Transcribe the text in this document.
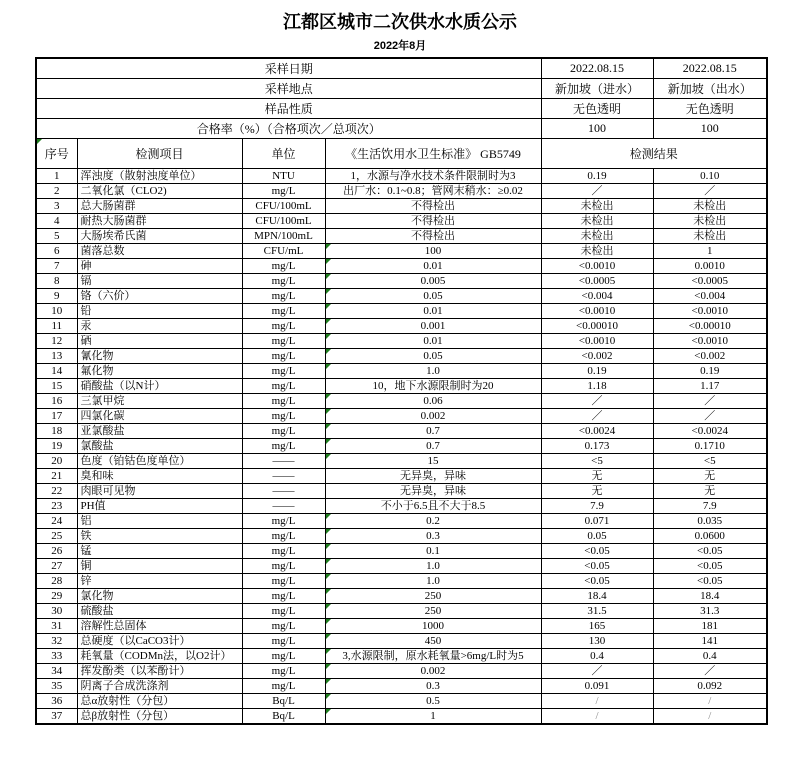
江都区城市二次供水水质公示
2022年8月
采样日期				2022.08.15	2022.08.15
采样地点				新加坡（进水）	新加坡（出水）
样品性质				无色透明	无色透明
合格率（%）（合格项次／总项次）				100	100

序号	检测项目	单位	《生活饮用水卫生标准》 GB5749	检测结果	
1	浑浊度（散射浊度单位）	NTU	1，水源与净水技术条件限制时为3	0.19	0.10
2	二氧化氯（CLO2)	mg/L	出厂水：0.1~0.8；管网末稍水：≥0.02	／	／
3	总大肠菌群	CFU/100mL	不得检出	未检出	未检出
4	耐热大肠菌群	CFU/100mL	不得检出	未检出	未检出
5	大肠埃希氏菌	MPN/100mL	不得检出	未检出	未检出
6	菌落总数	CFU/mL	100	未检出	1
7	砷	mg/L	0.01	<0.0010	0.0010
8	镉	mg/L	0.005	<0.0005	<0.0005
9	铬（六价）	mg/L	0.05	<0.004	<0.004
10	铅	mg/L	0.01	<0.0010	<0.0010
11	汞	mg/L	0.001	<0.00010	<0.00010
12	硒	mg/L	0.01	<0.0010	<0.0010
13	氰化物	mg/L	0.05	<0.002	<0.002
14	氟化物	mg/L	1.0	0.19	0.19
15	硝酸盐（以N计）	mg/L	10，地下水源限制时为20	1.18	1.17
16	三氯甲烷	mg/L	0.06	／	／
17	四氯化碳	mg/L	0.002	／	／
18	亚氯酸盐	mg/L	0.7	<0.0024	<0.0024
19	氯酸盐	mg/L	0.7	0.173	0.1710
20	色度（铂钴色度单位）	——	15	<5	<5
21	臭和味	——	无异臭，异味	无	无
22	肉眼可见物	——	无异臭，异味	无	无
23	PH值	——	不小于6.5且不大于8.5	7.9	7.9
24	铝	mg/L	0.2	0.071	0.035
25	铁	mg/L	0.3	0.05	0.0600
26	锰	mg/L	0.1	<0.05	<0.05
27	铜	mg/L	1.0	<0.05	<0.05
28	锌	mg/L	1.0	<0.05	<0.05
29	氯化物	mg/L	250	18.4	18.4
30	硫酸盐	mg/L	250	31.5	31.3
31	溶解性总固体	mg/L	1000	165	181
32	总硬度（以CaCO3计）	mg/L	450	130	141
33	耗氧量（CODMn法，以O2计）	mg/L	3,水源限制，原水耗氧量>6mg/L时为5	0.4	0.4
34	挥发酚类（以苯酚计）	mg/L	0.002	／	／
35	阴离子合成洗涤剂	mg/L	0.3	0.091	0.092
36	总α放射性（分包）	Bq/L	0.5	/	/
37	总β放射性（分包）	Bq/L	1	/	/
